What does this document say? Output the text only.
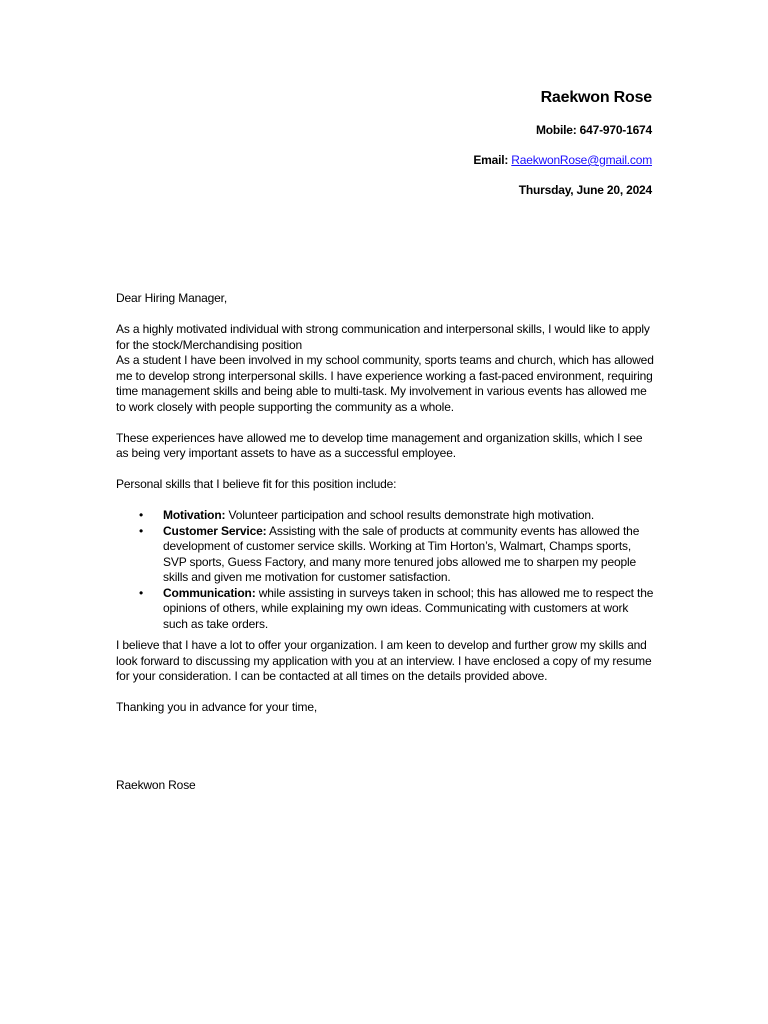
Raekwon Rose
Mobile: 647-970-1674
Email: RaekwonRose@gmail.com
Thursday, June 20, 2024

Dear Hiring Manager,

As a highly motivated individual with strong communication and interpersonal skills, I would like to apply for the stock/Merchandising position

As a student I have been involved in my school community, sports teams and church, which has allowed me to develop strong interpersonal skills. I have experience working a fast-paced environment, requiring time management skills and being able to multi-task. My involvement in various events has allowed me to work closely with people supporting the community as a whole.

These experiences have allowed me to develop time management and organization skills, which I see as being very important assets to have as a successful employee.

Personal skills that I believe fit for this position include:

• Motivation: Volunteer participation and school results demonstrate high motivation.
• Customer Service: Assisting with the sale of products at community events has allowed the development of customer service skills. Working at Tim Horton’s, Walmart, Champs sports, SVP sports, Guess Factory, and many more tenured jobs allowed me to sharpen my people skills and given me motivation for customer satisfaction.
• Communication: while assisting in surveys taken in school; this has allowed me to respect the opinions of others, while explaining my own ideas. Communicating with customers at work such as take orders.

I believe that I have a lot to offer your organization. I am keen to develop and further grow my skills and look forward to discussing my application with you at an interview. I have enclosed a copy of my resume for your consideration. I can be contacted at all times on the details provided above.

Thanking you in advance for your time,

Raekwon Rose
